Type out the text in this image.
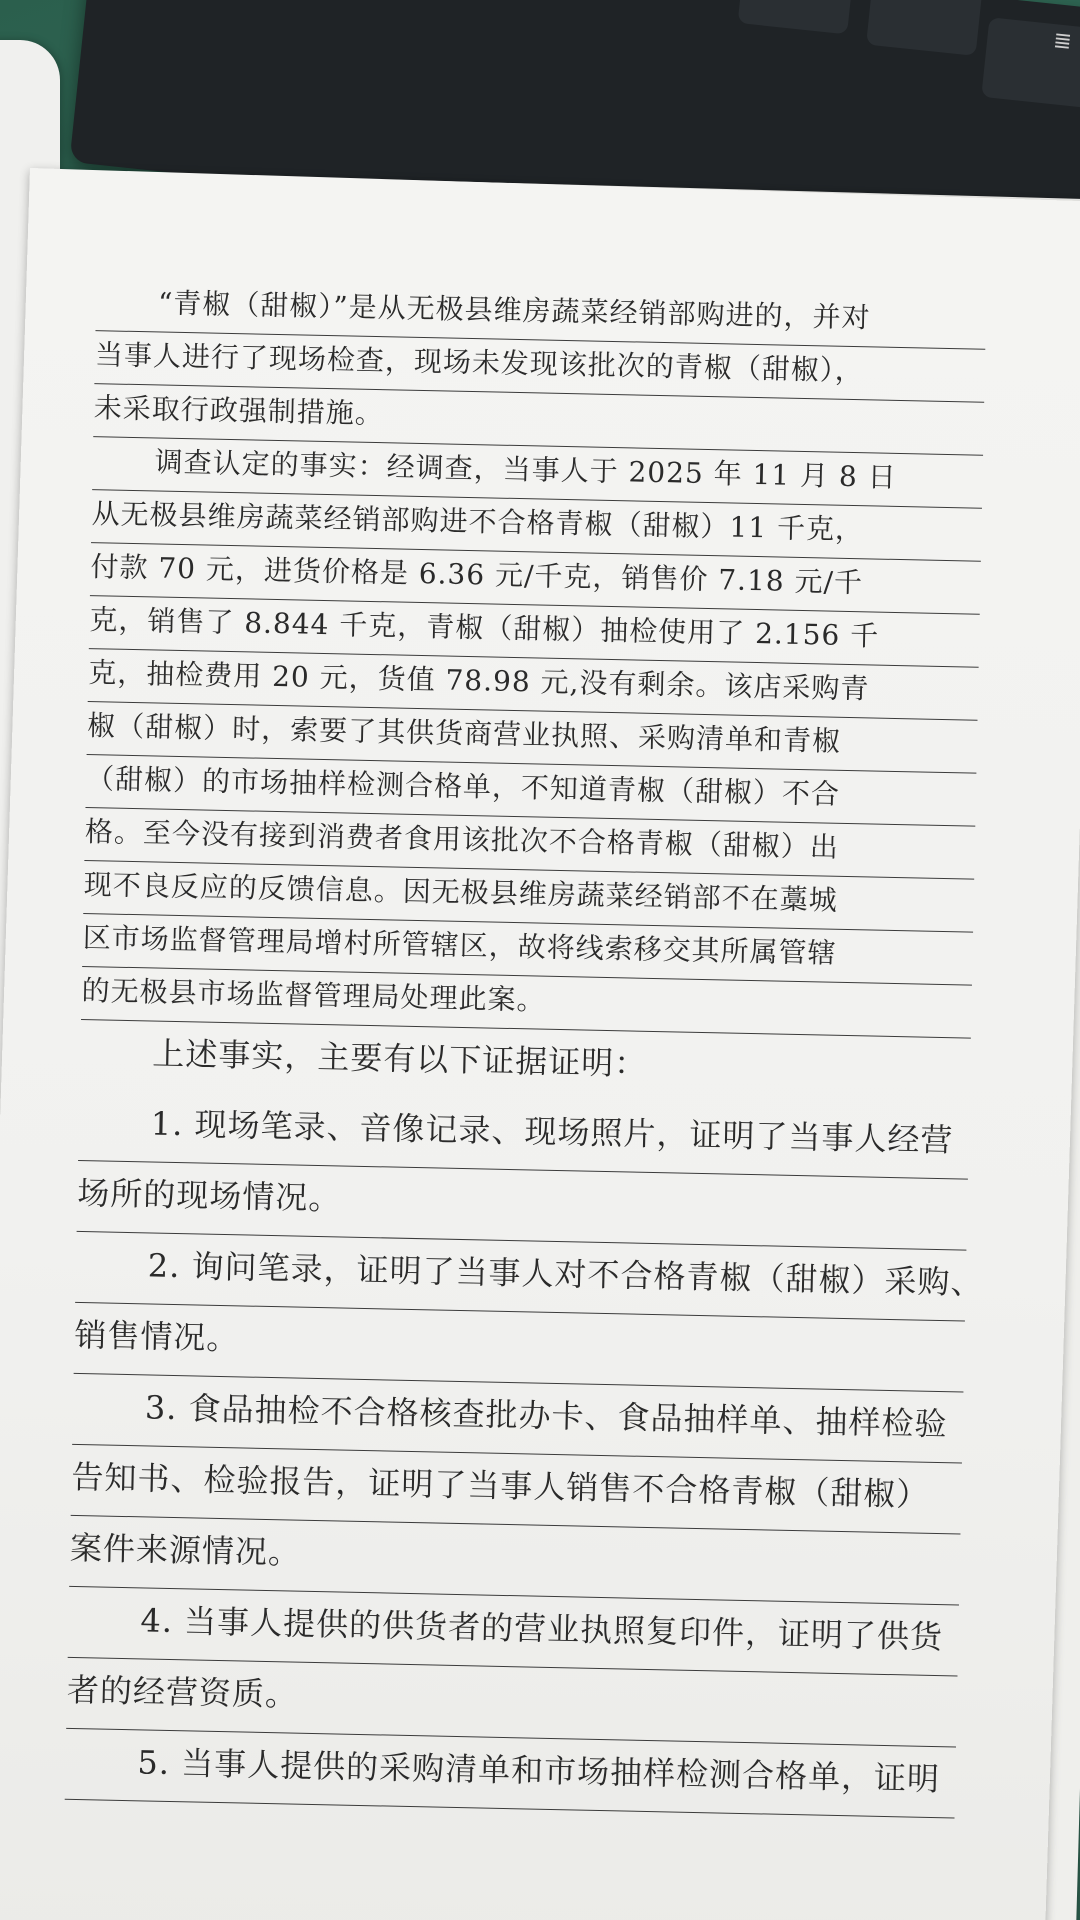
≣
“青椒（甜椒）”是从无极县维房蔬菜经销部购进的，并对
当事人进行了现场检查，现场未发现该批次的青椒（甜椒），
未采取行政强制措施。
调查认定的事实：经调查，当事人于 2025 年 11 月 8 日
从无极县维房蔬菜经销部购进不合格青椒（甜椒）11 千克，
付款 70 元，进货价格是 6.36 元/千克，销售价 7.18 元/千
克，销售了 8.844 千克，青椒（甜椒）抽检使用了 2.156 千
克，抽检费用 20 元，货值 78.98 元,没有剩余。该店采购青
椒（甜椒）时，索要了其供货商营业执照、采购清单和青椒
（甜椒）的市场抽样检测合格单，不知道青椒（甜椒）不合
格。至今没有接到消费者食用该批次不合格青椒（甜椒）出
现不良反应的反馈信息。因无极县维房蔬菜经销部不在藁城
区市场监督管理局增村所管辖区，故将线索移交其所属管辖
的无极县市场监督管理局处理此案。
上述事实，主要有以下证据证明：
1. 现场笔录、音像记录、现场照片，证明了当事人经营
场所的现场情况。
2. 询问笔录，证明了当事人对不合格青椒（甜椒）采购、
销售情况。
3. 食品抽检不合格核查批办卡、食品抽样单、抽样检验
告知书、检验报告，证明了当事人销售不合格青椒（甜椒）
案件来源情况。
4. 当事人提供的供货者的营业执照复印件，证明了供货
者的经营资质。
5. 当事人提供的采购清单和市场抽样检测合格单，证明
